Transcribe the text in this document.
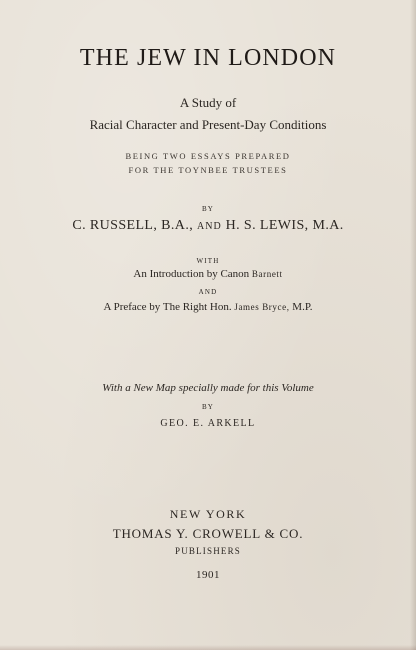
THE JEW IN LONDON
A Study of
Racial Character and Present-Day Conditions
BEING TWO ESSAYS PREPARED
FOR THE TOYNBEE TRUSTEES
BY
C. RUSSELL, B.A., AND H. S. LEWIS, M.A.
WITH
An Introduction by Canon Barnett
AND
A Preface by The Right Hon. James Bryce, M.P.
With a New Map specially made for this Volume
BY
GEO. E. ARKELL
NEW YORK
THOMAS Y. CROWELL & CO.
PUBLISHERS
1901
